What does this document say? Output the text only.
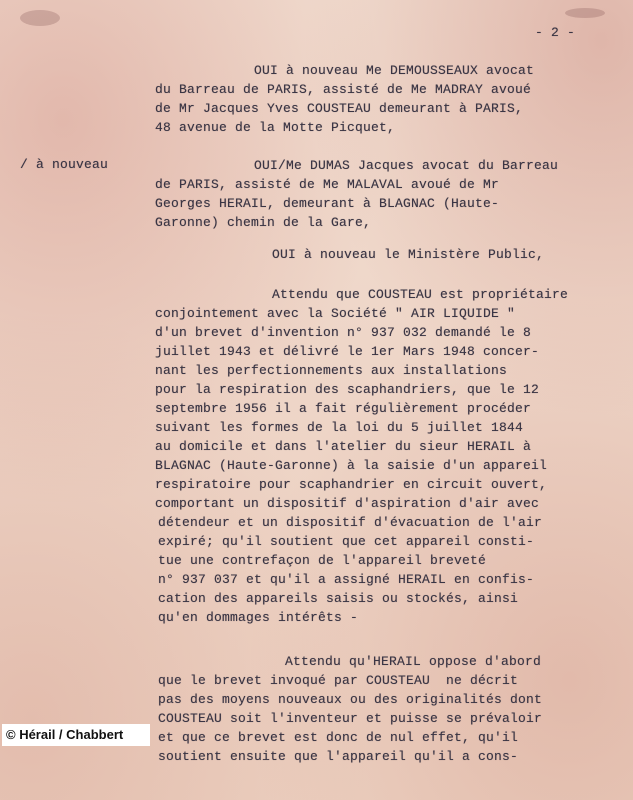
- 2 -
/ à nouveau
OUI à nouveau Me DEMOUSSEAUX avocat
du Barreau de PARIS, assisté de Me MADRAY avoué
de Mr Jacques Yves COUSTEAU demeurant à PARIS,
48 avenue de la Motte Picquet,
OUI/Me DUMAS Jacques avocat du Barreau
de PARIS, assisté de Me MALAVAL avoué de Mr
Georges HERAIL, demeurant à BLAGNAC (Haute-
Garonne) chemin de la Gare,
OUI à nouveau le Ministère Public,
Attendu que COUSTEAU est propriétaire
conjointement avec la Société " AIR LIQUIDE "
d'un brevet d'invention n° 937 032 demandé le 8
juillet 1943 et délivré le 1er Mars 1948 concer-
nant les perfectionnements aux installations
pour la respiration des scaphandriers, que le 12
septembre 1956 il a fait régulièrement procéder
suivant les formes de la loi du 5 juillet 1844
au domicile et dans l'atelier du sieur HERAIL à
BLAGNAC (Haute-Garonne) à la saisie d'un appareil
respiratoire pour scaphandrier en circuit ouvert,
comportant un dispositif d'aspiration d'air avec
détendeur et un dispositif d'évacuation de l'air
expiré; qu'il soutient que cet appareil consti-
tue une contrefaçon de l'appareil breveté
n° 937 037 et qu'il a assigné HERAIL en confis-
cation des appareils saisis ou stockés, ainsi
qu'en dommages intérêts -
Attendu qu'HERAIL oppose d'abord
que le brevet invoqué par COUSTEAU  ne décrit
pas des moyens nouveaux ou des originalités dont
COUSTEAU soit l'inventeur et puisse se prévaloir
et que ce brevet est donc de nul effet, qu'il
soutient ensuite que l'appareil qu'il a cons-
© Hérail / Chabbert
